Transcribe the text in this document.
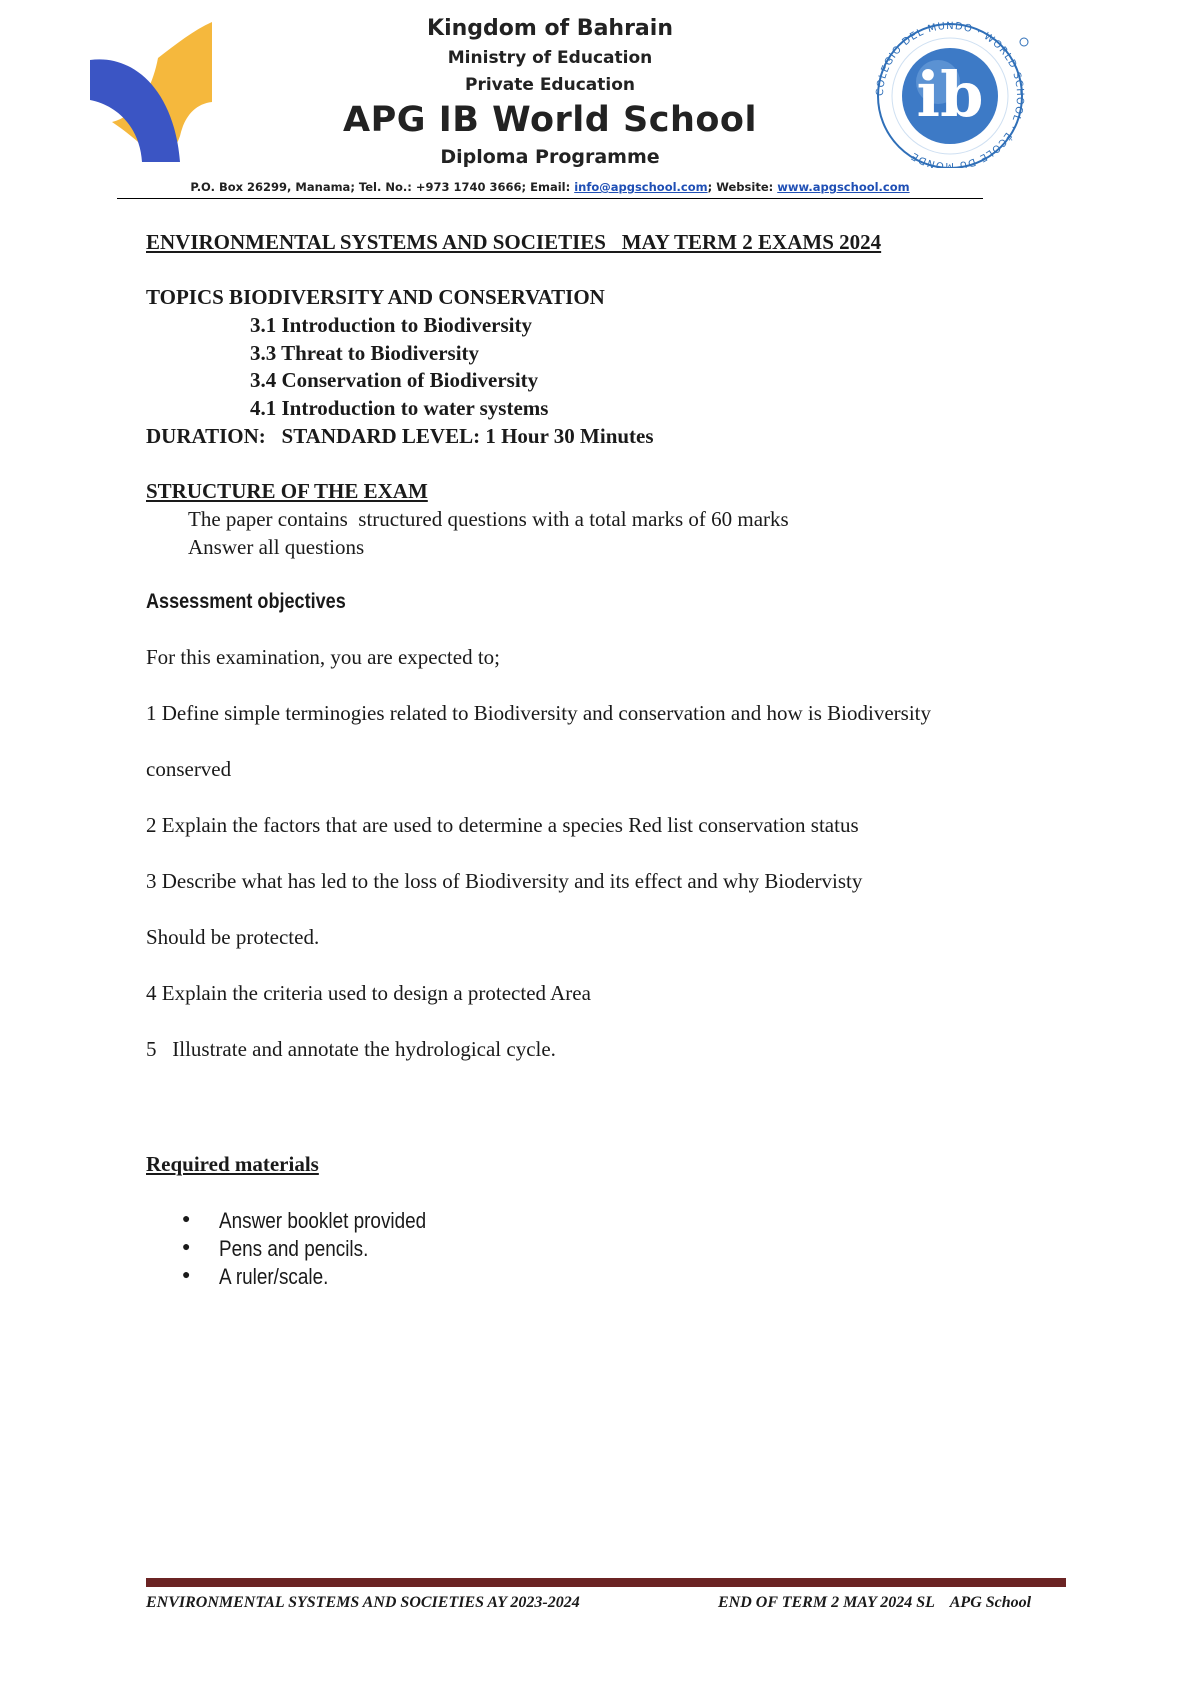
Kingdom of Bahrain
Ministry of Education
Private Education
APG IB World School
Diploma Programme
COLEGIO DEL MUNDO · WORLD SCHOOL · ÉCOLE DU MONDE
ib
P.O. Box 26299, Manama; Tel. No.: +973 1740 3666; Email: info@apgschool.com; Website: www.apgschool.com
ENVIRONMENTAL SYSTEMS AND SOCIETIES   MAY TERM 2 EXAMS 2024
TOPICS BIODIVERSITY AND CONSERVATION
3.1 Introduction to Biodiversity
3.3 Threat to Biodiversity
3.4 Conservation of Biodiversity
4.1 Introduction to water systems
DURATION:   STANDARD LEVEL: 1 Hour 30 Minutes
STRUCTURE OF THE EXAM
The paper contains  structured questions with a total marks of 60 marks
Answer all questions
Assessment objectives
For this examination, you are expected to;
1 Define simple terminogies related to Biodiversity and conservation and how is Biodiversity
conserved
2 Explain the factors that are used to determine a species Red list conservation status
3 Describe what has led to the loss of Biodiversity and its effect and why Biodervisty
Should be protected.
4 Explain the criteria used to design a protected Area
5   Illustrate and annotate the hydrological cycle.
Required materials
● Answer booklet provided
● Pens and pencils.
● A ruler/scale.
ENVIRONMENTAL SYSTEMS AND SOCIETIES AY 2023-2024	END OF TERM 2 MAY 2024 SL    APG School
